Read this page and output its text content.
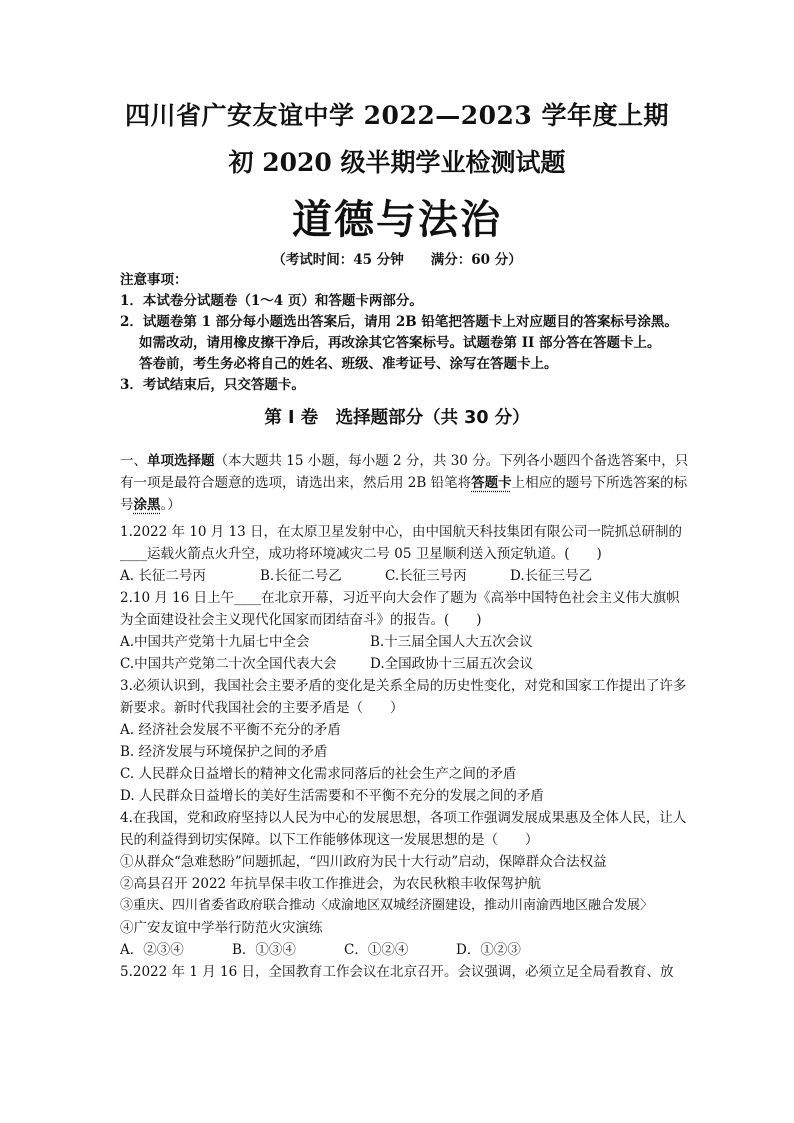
四川省广安友谊中学 2022—2023 学年度上期
初 2020 级半期学业检测试题
道德与法治
（考试时间：45 分钟　　满分：60 分）
注意事项：
1．本试卷分试题卷（1～4 页）和答题卡两部分。
2．试题卷第 1 部分每小题选出答案后，请用 2B 铅笔把答题卡上对应题目的答案标号涂黑。
如需改动，请用橡皮擦干净后，再改涂其它答案标号。试题卷第 II 部分答在答题卡上。
答卷前，考生务必将自己的姓名、班级、准考证号、涂写在答题卡上。
3．考试结束后，只交答题卡。
第 I 卷　选择题部分（共 30 分）

一、单项选择题（本大题共 15 小题，每小题 2 分，共 30 分。下列各小题四个备选答案中，只有一项是最符合题意的选项，请选出来，然后用 2B 铅笔将答题卡上相应的题号下所选答案的标号涂黑。）

1.2022 年 10 月 13 日，在太原卫星发射中心，由中国航天科技集团有限公司一院抓总研制的____运载火箭点火升空，成功将环境减灾二号 05 卫星顺利送入预定轨道。(　　)

A. 长征二号丙	B.长征二号乙	C.长征三号丙	D.长征三号乙

2.10 月 16 日上午____在北京开幕，习近平向大会作了题为《高举中国特色社会主义伟大旗帜为全面建设社会主义现代化国家而团结奋斗》的报告。(　　)

A.中国共产党第十九届七中全会	B.十三届全国人大五次会议

C.中国共产党第二十次全国代表大会	D.全国政协十三届五次会议

3.必须认识到，我国社会主要矛盾的变化是关系全局的历史性变化，对党和国家工作提出了许多新要求。新时代我国社会的主要矛盾是（　　）

A. 经济社会发展不平衡不充分的矛盾

B. 经济发展与环境保护之间的矛盾

C. 人民群众日益增长的精神文化需求同落后的社会生产之间的矛盾

D. 人民群众日益增长的美好生活需要和不平衡不充分的发展之间的矛盾

4.在我国，党和政府坚持以人民为中心的发展思想，各项工作强调发展成果惠及全体人民，让人民的利益得到切实保障。以下工作能够体现这一发展思想的是（　　）

①从群众“急难愁盼”问题抓起，“四川政府为民十大行动”启动，保障群众合法权益

②高县召开 2022 年抗旱保丰收工作推进会，为农民秋粮丰收保驾护航

③重庆、四川省委省政府联合推动〈成渝地区双城经济圈建设，推动川南渝西地区融合发展〉

④广安友谊中学举行防范火灾演练

A．②③④	B．①③④	C．①②④	D．①②③

5.2022 年 1 月 16 日，全国教育工作会议在北京召开。会议强调，必须立足全局看教育、放
